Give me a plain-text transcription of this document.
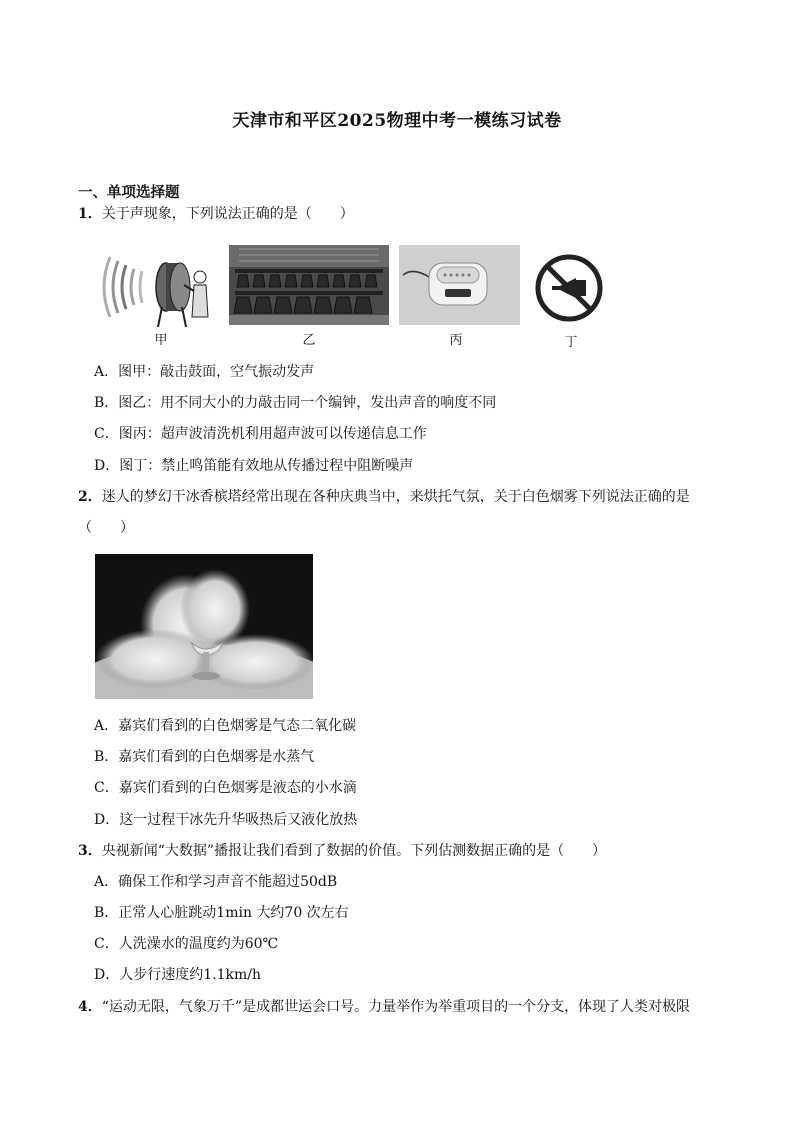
天津市和平区2025物理中考一模练习试卷
一、单项选择题
1．关于声现象，下列说法正确的是（　　）
甲	乙	丙	丁
A．图甲：敲击鼓面，空气振动发声
B．图乙：用不同大小的力敲击同一个编钟，发出声音的响度不同
C．图丙：超声波清洗机利用超声波可以传递信息工作
D．图丁：禁止鸣笛能有效地从传播过程中阻断噪声
2．迷人的梦幻干冰香槟塔经常出现在各种庆典当中，来烘托气氛，关于白色烟雾下列说法正确的是
（　　）
A．嘉宾们看到的白色烟雾是气态二氧化碳
B．嘉宾们看到的白色烟雾是水蒸气
C．嘉宾们看到的白色烟雾是液态的小水滴
D．这一过程干冰先升华吸热后又液化放热
3．央视新闻“大数据”播报让我们看到了数据的价值。下列估测数据正确的是（　　）
A．确保工作和学习声音不能超过50dB
B．正常人心脏跳动1min 大约70 次左右
C．人洗澡水的温度约为60℃
D．人步行速度约1.1km/h
4．“运动无限，气象万千”是成都世运会口号。力量举作为举重项目的一个分支，体现了人类对极限
